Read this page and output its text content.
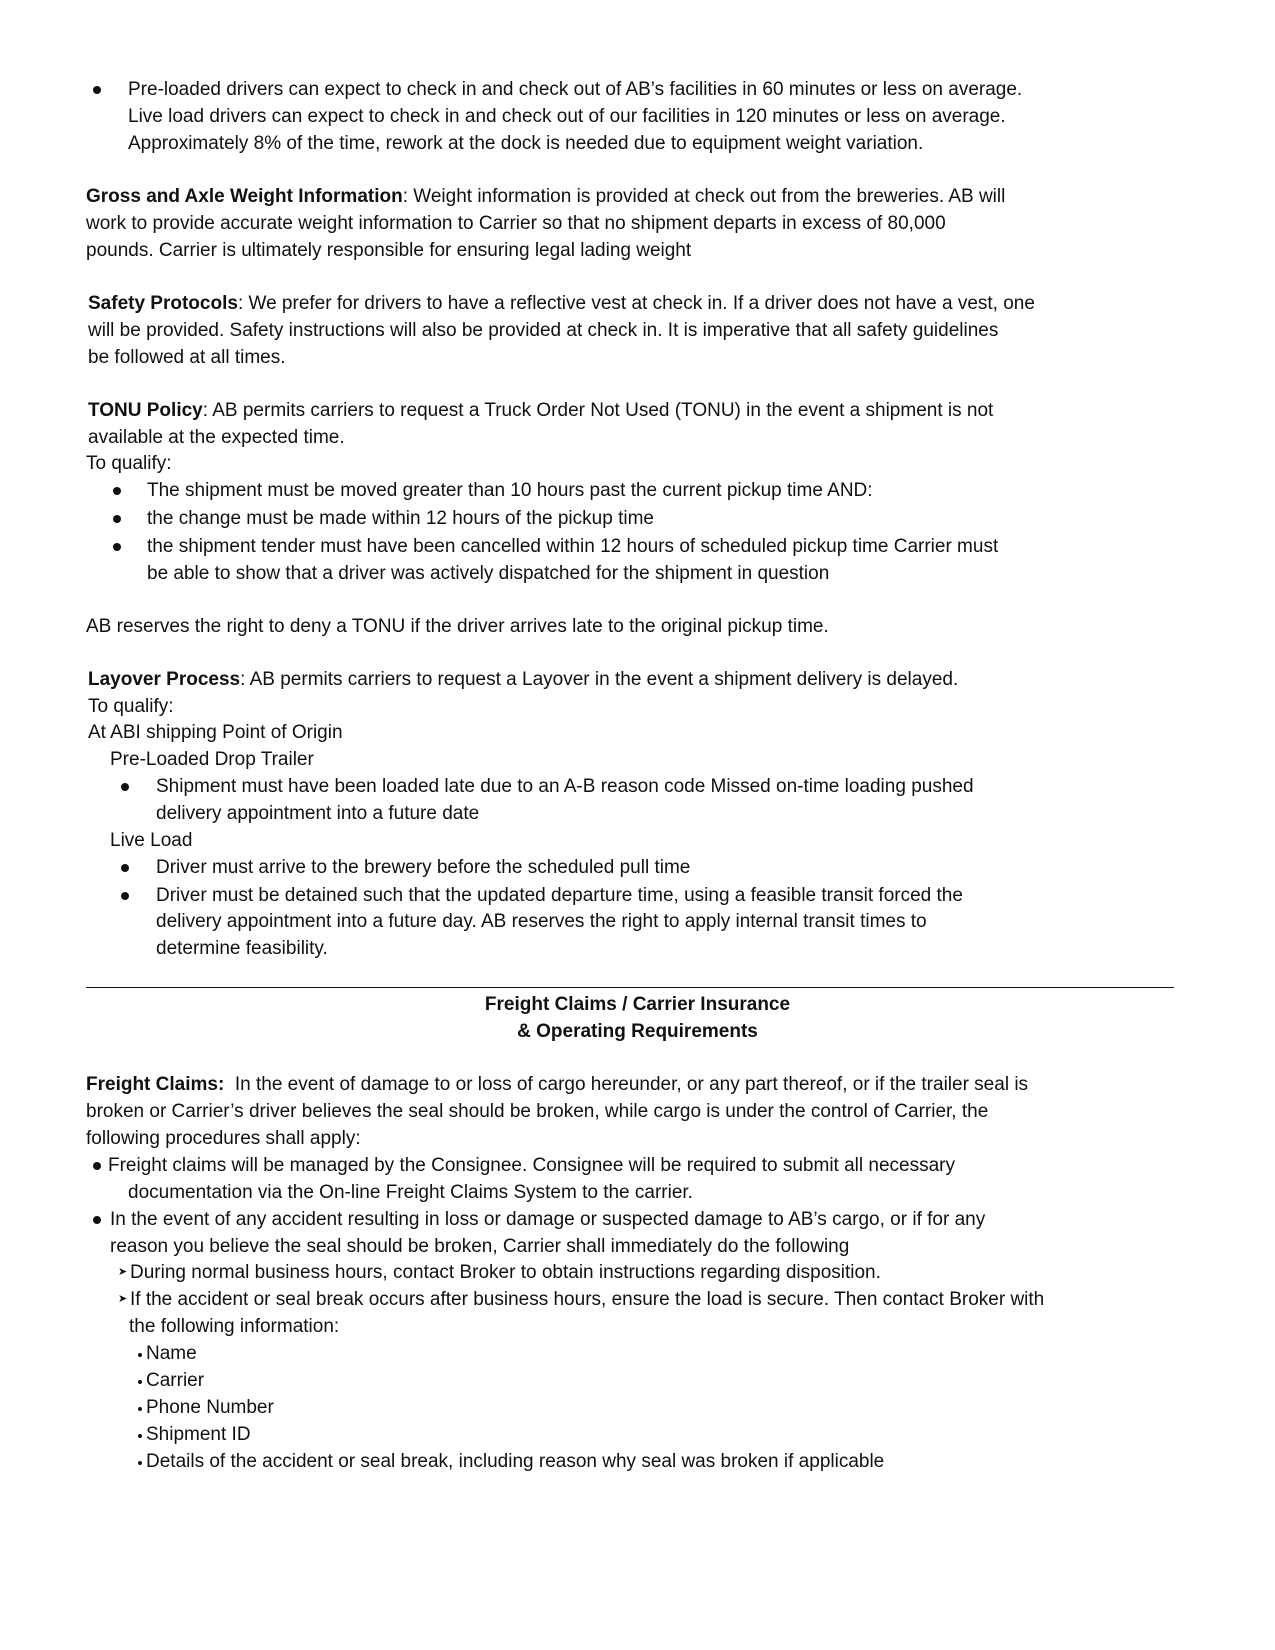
Pre-loaded drivers can expect to check in and check out of AB’s facilities in 60 minutes or less on average.
Live load drivers can expect to check in and check out of our facilities in 120 minutes or less on average.
Approximately 8% of the time, rework at the dock is needed due to equipment weight variation.
Gross and Axle Weight Information: Weight information is provided at check out from the breweries. AB will
work to provide accurate weight information to Carrier so that no shipment departs in excess of 80,000
pounds. Carrier is ultimately responsible for ensuring legal lading weight
Safety Protocols: We prefer for drivers to have a reflective vest at check in. If a driver does not have a vest, one
will be provided. Safety instructions will also be provided at check in. It is imperative that all safety guidelines
be followed at all times.
TONU Policy: AB permits carriers to request a Truck Order Not Used (TONU) in the event a shipment is not
available at the expected time.
To qualify:
The shipment must be moved greater than 10 hours past the current pickup time AND:
the change must be made within 12 hours of the pickup time
the shipment tender must have been cancelled within 12 hours of scheduled pickup time Carrier must
be able to show that a driver was actively dispatched for the shipment in question
AB reserves the right to deny a TONU if the driver arrives late to the original pickup time.
Layover Process: AB permits carriers to request a Layover in the event a shipment delivery is delayed.
To qualify:
At ABI shipping Point of Origin
Pre-Loaded Drop Trailer
Shipment must have been loaded late due to an A-B reason code Missed on-time loading pushed
delivery appointment into a future date
Live Load
Driver must arrive to the brewery before the scheduled pull time
Driver must be detained such that the updated departure time, using a feasible transit forced the
delivery appointment into a future day. AB reserves the right to apply internal transit times to
determine feasibility.
Freight Claims / Carrier Insurance
& Operating Requirements
Freight Claims:  In the event of damage to or loss of cargo hereunder, or any part thereof, or if the trailer seal is
broken or Carrier’s driver believes the seal should be broken, while cargo is under the control of Carrier, the
following procedures shall apply:
Freight claims will be managed by the Consignee. Consignee will be required to submit all necessary
documentation via the On-line Freight Claims System to the carrier.
In the event of any accident resulting in loss or damage or suspected damage to AB’s cargo, or if for any
reason you believe the seal should be broken, Carrier shall immediately do the following
➤ During normal business hours, contact Broker to obtain instructions regarding disposition.
➤ If the accident or seal break occurs after business hours, ensure the load is secure. Then contact Broker with
the following information:
Name
Carrier
Phone Number
Shipment ID
Details of the accident or seal break, including reason why seal was broken if applicable
